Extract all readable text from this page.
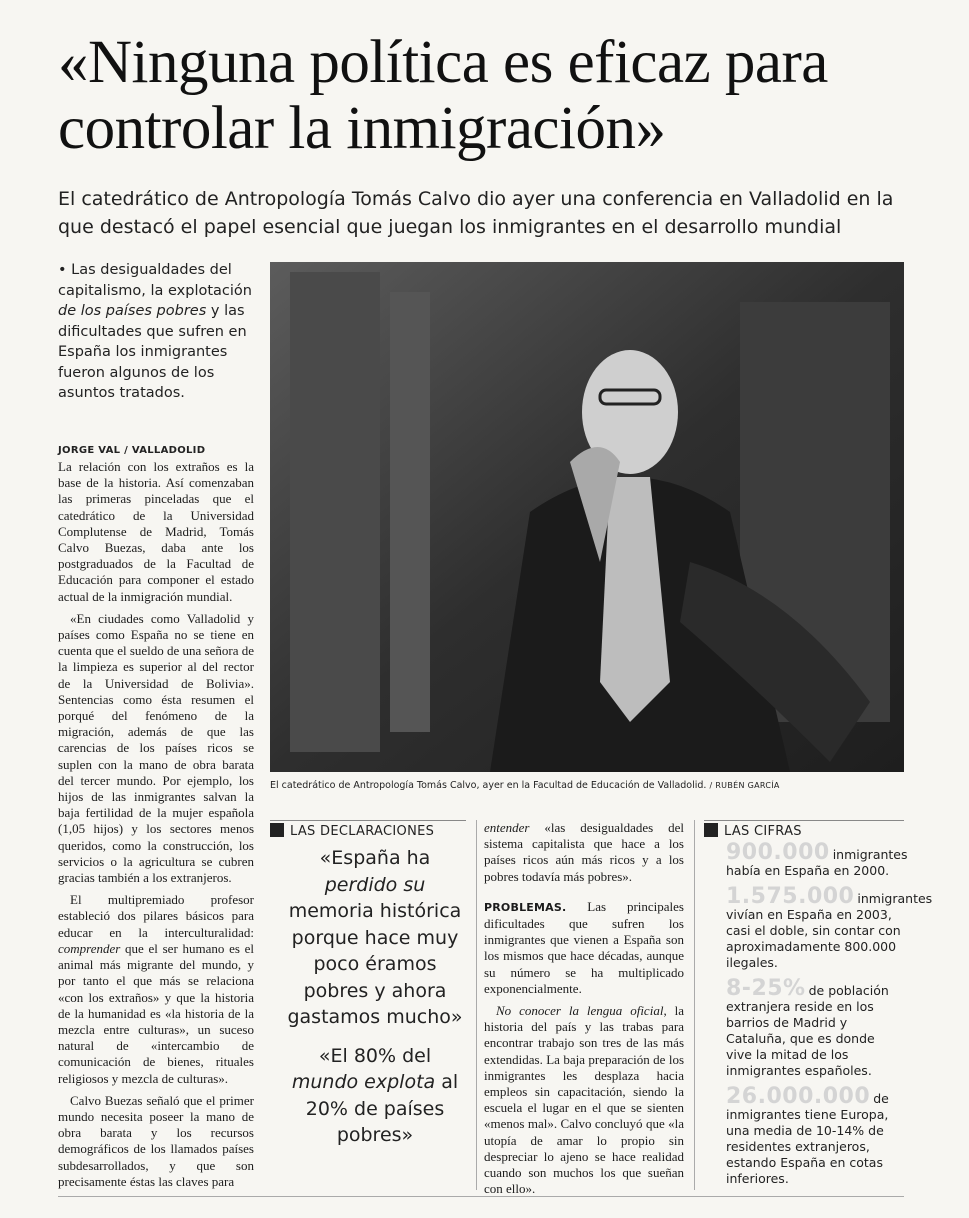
«Ninguna política es eficaz para controlar la inmigración»

El catedrático de Antropología Tomás Calvo dio ayer una conferencia en Valladolid en la que destacó el papel esencial que juegan los inmigrantes en el desarrollo mundial

• Las desigualdades del capitalismo, la explotación de los países pobres y las dificultades que sufren en España los inmigrantes fueron algunos de los asuntos tratados.

JORGE VAL / VALLADOLID

La relación con los extraños es la base de la historia. Así comenzaban las primeras pinceladas que el catedrático de la Universidad Complutense de Madrid, Tomás Calvo Buezas, daba ante los postgraduados de la Facultad de Educación para componer el estado actual de la inmigración mundial.

«En ciudades como Valladolid y países como España no se tiene en cuenta que el sueldo de una señora de la limpieza es superior al del rector de la Universidad de Bolivia». Sentencias como ésta resumen el porqué del fenómeno de la migración, además de que las carencias de los países ricos se suplen con la mano de obra barata del tercer mundo. Por ejemplo, los hijos de las inmigrantes salvan la baja fertilidad de la mujer española (1,05 hijos) y los sectores menos queridos, como la construcción, los servicios o la agricultura se cubren gracias también a los extranjeros.

El multipremiado profesor estableció dos pilares básicos para educar en la interculturalidad: comprender que el ser humano es el animal más migrante del mundo, y por tanto el que más se relaciona «con los extraños» y que la historia de la humanidad es «la historia de la mezcla entre culturas», un suceso natural de «intercambio de comunicación de bienes, rituales religiosos y mezcla de culturas».

Calvo Buezas señaló que el primer mundo necesita poseer la mano de obra barata y los recursos demográficos de los llamados países subdesarrollados, y que son precisamente éstas las claves para

El catedrático de Antropología Tomás Calvo, ayer en la Facultad de Educación de Valladolid. / RUBÉN GARCÍA
LAS DECLARACIONES

«España ha perdido su memoria histórica porque hace muy poco éramos pobres y ahora gastamos mucho»

«El 80% del mundo explota al 20% de países pobres»

entender «las desigualdades del sistema capitalista que hace a los países ricos aún más ricos y a los pobres todavía más pobres».

PROBLEMAS. Las principales dificultades que sufren los inmigrantes que vienen a España son los mismos que hace décadas, aunque su número se ha multiplicado exponencialmente.

No conocer la lengua oficial, la historia del país y las trabas para encontrar trabajo son tres de las más extendidas. La baja preparación de los inmigrantes les desplaza hacia empleos sin capacitación, siendo la escuela el lugar en el que se sienten «menos mal». Calvo concluyó que «la utopía de amar lo propio sin despreciar lo ajeno se hace realidad cuando son muchos los que sueñan con ello».

LAS CIFRAS

900.000 inmigrantes había en España en 2000.

1.575.000 inmigrantes vivían en España en 2003, casi el doble, sin contar con aproximadamente 800.000 ilegales.

8-25% de población extranjera reside en los barrios de Madrid y Cataluña, que es donde vive la mitad de los inmigrantes españoles.

26.000.000 de inmigrantes tiene Europa, una media de 10-14% de residentes extranjeros, estando España en cotas inferiores.
